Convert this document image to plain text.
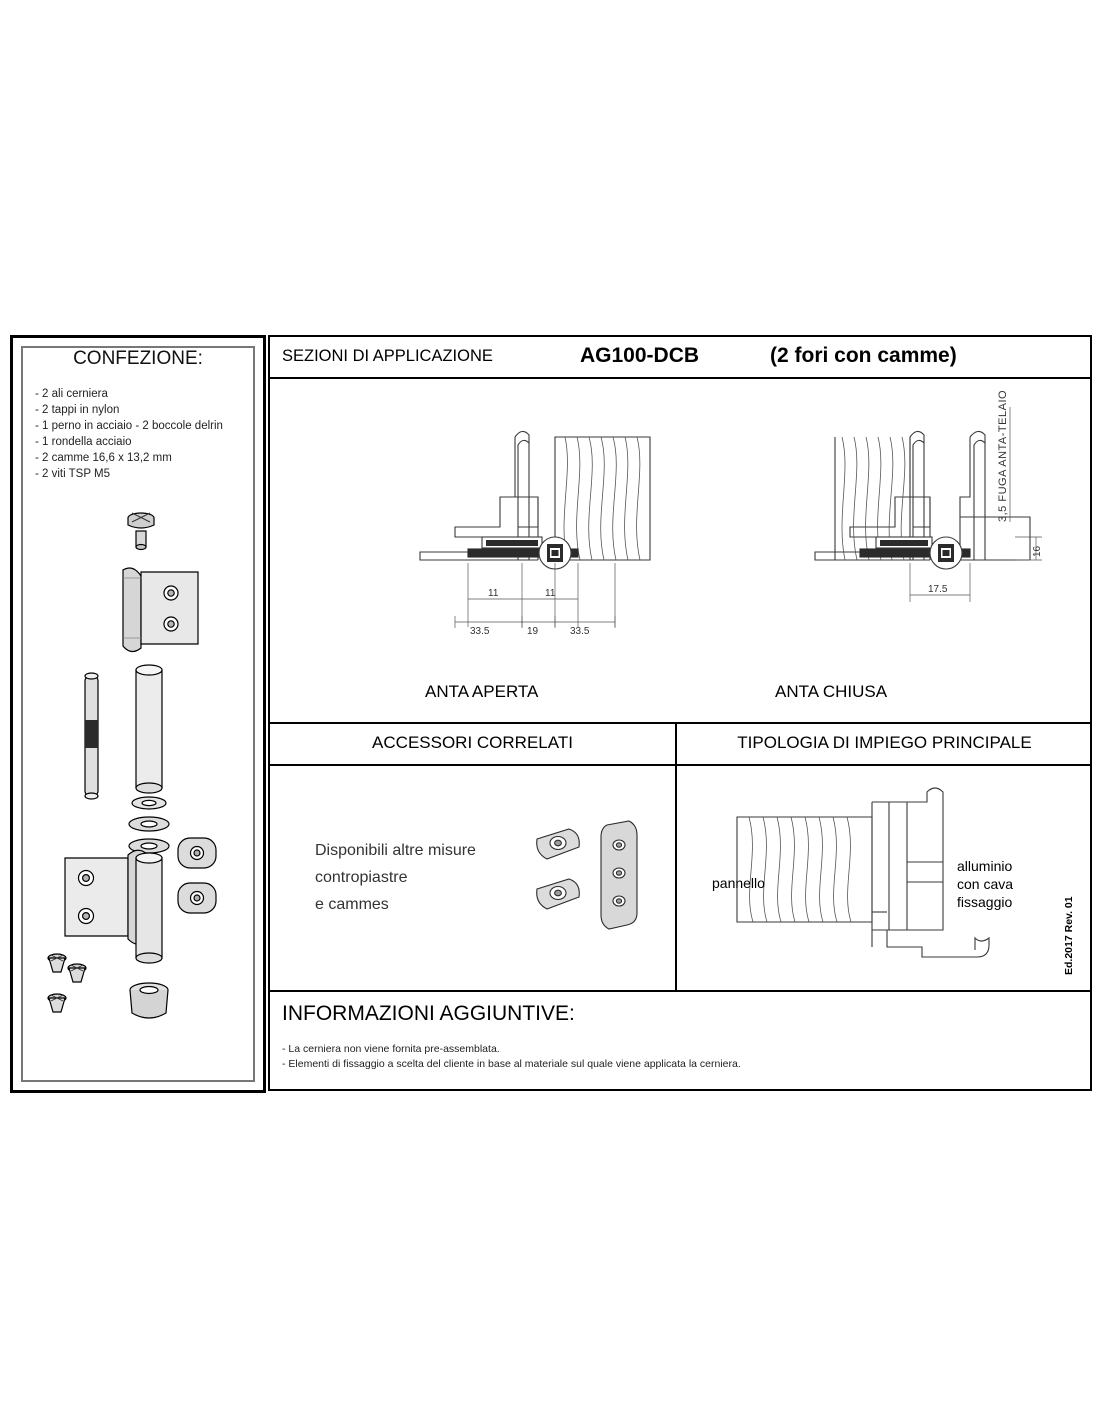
CONFEZIONE:
- 2 ali cerniera
- 2 tappi in nylon
- 1 perno in acciaio - 2 boccole delrin
- 1 rondella acciaio
- 2 camme 16,6 x 13,2 mm
- 2 viti TSP M5
SEZIONI DI APPLICAZIONE	AG100-DCB	(2 fori con camme)
11	11
33.5	19	33.5
17.5
16
3,5 FUGA ANTA-TELAIO
ANTA APERTA	ANTA CHIUSA
ACCESSORI CORRELATI	TIPOLOGIA DI IMPIEGO PRINCIPALE
Disponibili altre misure
contropiastre
e cammes
pannello
alluminio
con cava
fissaggio
INFORMAZIONI AGGIUNTIVE:
- La cerniera non viene fornita pre-assemblata.
- Elementi di fissaggio a scelta del cliente in base al materiale sul quale viene applicata la cerniera.
Ed.2017 Rev. 01
